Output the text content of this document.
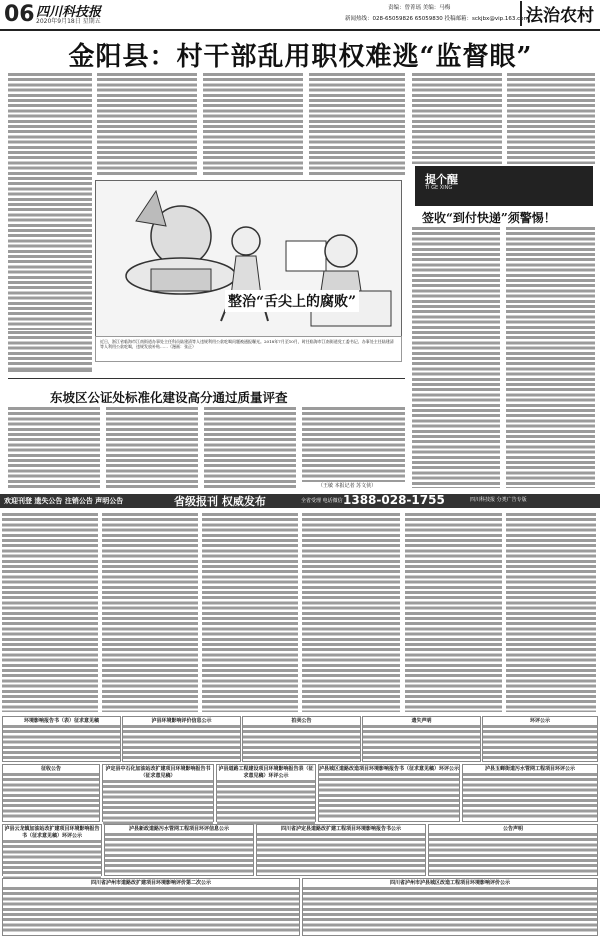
06 四川科技报
2020年9月18日 星期五
责编：曾菁瑶 美编：马梅
新闻热线：028-65059826 65059830 投稿邮箱：sckjbx@vip.163.com
法治农村
金阳县：村干部乱用职权难逃“监督眼”
整治“舌尖上的腐败”
近日，浙江省临海市江南街道办事处主任科员陆建清等人违规利用公款吃喝问题被通报曝光。2018年7月至10月，时任临海市江南街道党工委书记、办事处主任陆建清等人利用公款吃喝，违规发放补贴……（漫画：张正）
提个醒
TI GE XING
签收“到付快递”须警惕！
东坡区公证处标准化建设高分通过质量评查
（王敏 本报记者 苏文侠）
欢迎刊登 遗失公告 注销公告 声明公告	省级报刊 权威发布	全省受理 电话微信 1388-028-1755	四川科技报 分类广告专版
环境影响报告书（表）征求意见稿	泸县环境影响评价信息公示	拍卖公告	遗失声明	环评公示
征收公告	泸定县中石化加油站改扩建项目环境影响报告书（征求意见稿）
泸县道路工程建设项目环境影响报告表（征求意见稿）环评公示
泸县城区道路改造项目环境影响报告书（征求意见稿）环评公示	泸县玉蝉街道污水管网工程项目环评公示
泸县云龙镇加油站改扩建项目环境影响报告书（征求意见稿）环评公示
泸县新政道路污水管网工程项目环评信息公示	四川省泸定县道路改扩建工程项目环境影响报告书公示	公告声明
四川省泸州市道路改扩建项目环境影响评价第二次公示	四川省泸州市泸县城区改造工程项目环境影响评价公示
